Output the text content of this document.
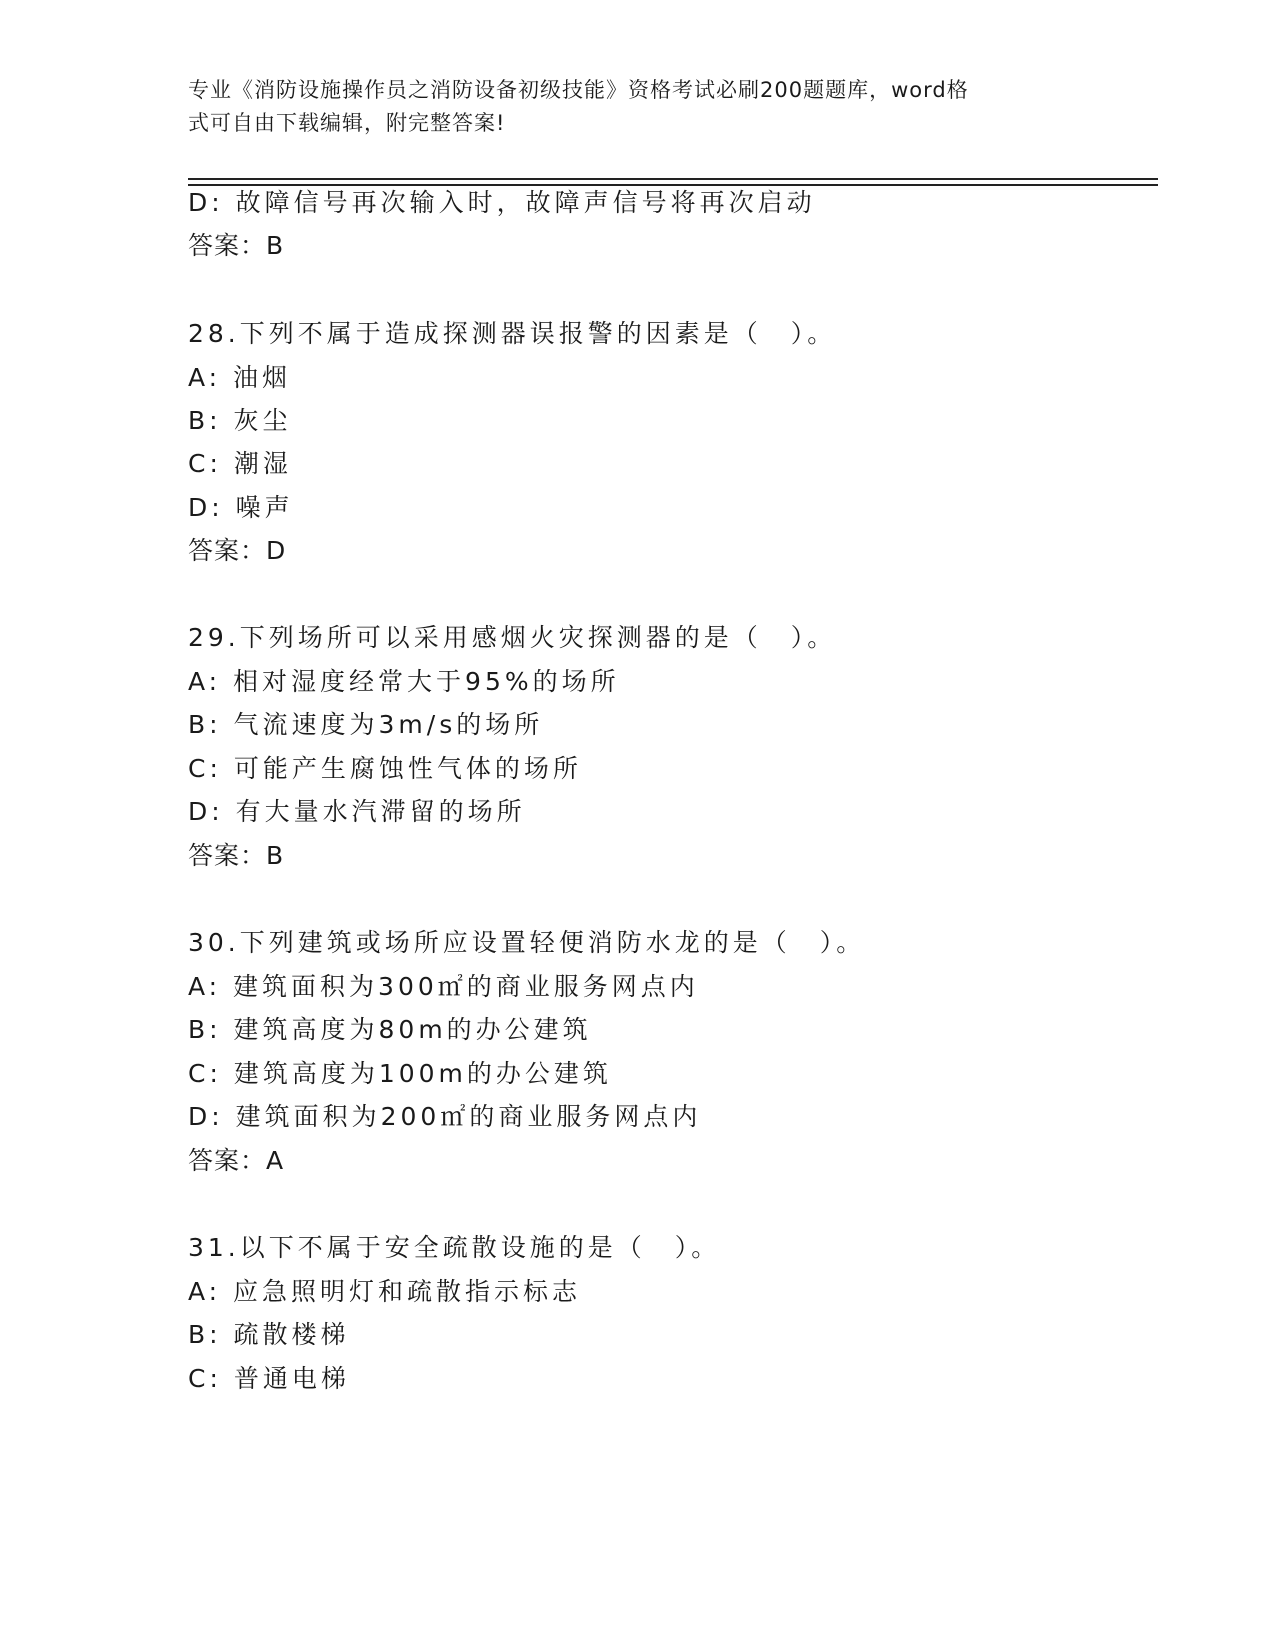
专业《消防设施操作员之消防设备初级技能》资格考试必刷200题题库，word格
式可自由下载编辑，附完整答案!
D: 故障信号再次输入时，故障声信号将再次启动
答案：B
28.下列不属于造成探测器误报警的因素是（　）。
A: 油烟
B: 灰尘
C: 潮湿
D: 噪声
答案：D
29.下列场所可以采用感烟火灾探测器的是（　）。
A: 相对湿度经常大于95%的场所
B: 气流速度为3m/s的场所
C: 可能产生腐蚀性气体的场所
D: 有大量水汽滞留的场所
答案：B
30.下列建筑或场所应设置轻便消防水龙的是（　）。
A: 建筑面积为300㎡的商业服务网点内
B: 建筑高度为80m的办公建筑
C: 建筑高度为100m的办公建筑
D: 建筑面积为200㎡的商业服务网点内
答案：A
31.以下不属于安全疏散设施的是（　）。
A: 应急照明灯和疏散指示标志
B: 疏散楼梯
C: 普通电梯
